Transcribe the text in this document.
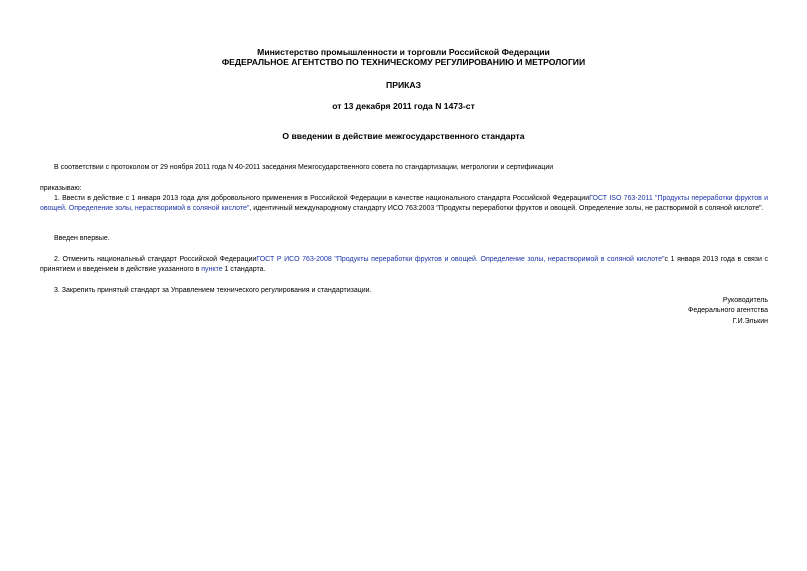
Министерство промышленности и торговли Российской Федерации
ФЕДЕРАЛЬНОЕ АГЕНТСТВО ПО ТЕХНИЧЕСКОМУ РЕГУЛИРОВАНИЮ И МЕТРОЛОГИИ
ПРИКАЗ
от 13 декабря 2011 года N 1473-ст
О введении в действие межгосударственного стандарта
В соответствии с протоколом от 29 ноября 2011 года N 40-2011 заседания Межгосударственного совета по стандартизации, метрологии и сертификации
приказываю:
1. Ввести в действие с 1 января 2013 года для добровольного применения в Российской Федерации в качестве национального стандарта Российской ФедерацииГОСТ ISO 763-2011 "Продукты переработки фруктов и овощей. Определение золы, нерастворимой в соляной кислоте", идентичный международному стандарту ИСО 763:2003 "Продукты переработки фруктов и овощей. Определение золы, не растворимой в соляной кислоте".
Введен впервые.
2. Отменить национальный стандарт Российской ФедерацииГОСТ Р ИСО 763-2008 "Продукты переработки фруктов и овощей. Определение золы, нерастворимой в соляной кислоте"с 1 января 2013 года в связи с принятием и введением в действие указанного в пункте 1 стандарта.
3. Закрепить принятый стандарт за Управлением технического регулирования и стандартизации.
Руководитель
Федерального агентства
Г.И.Элькин
